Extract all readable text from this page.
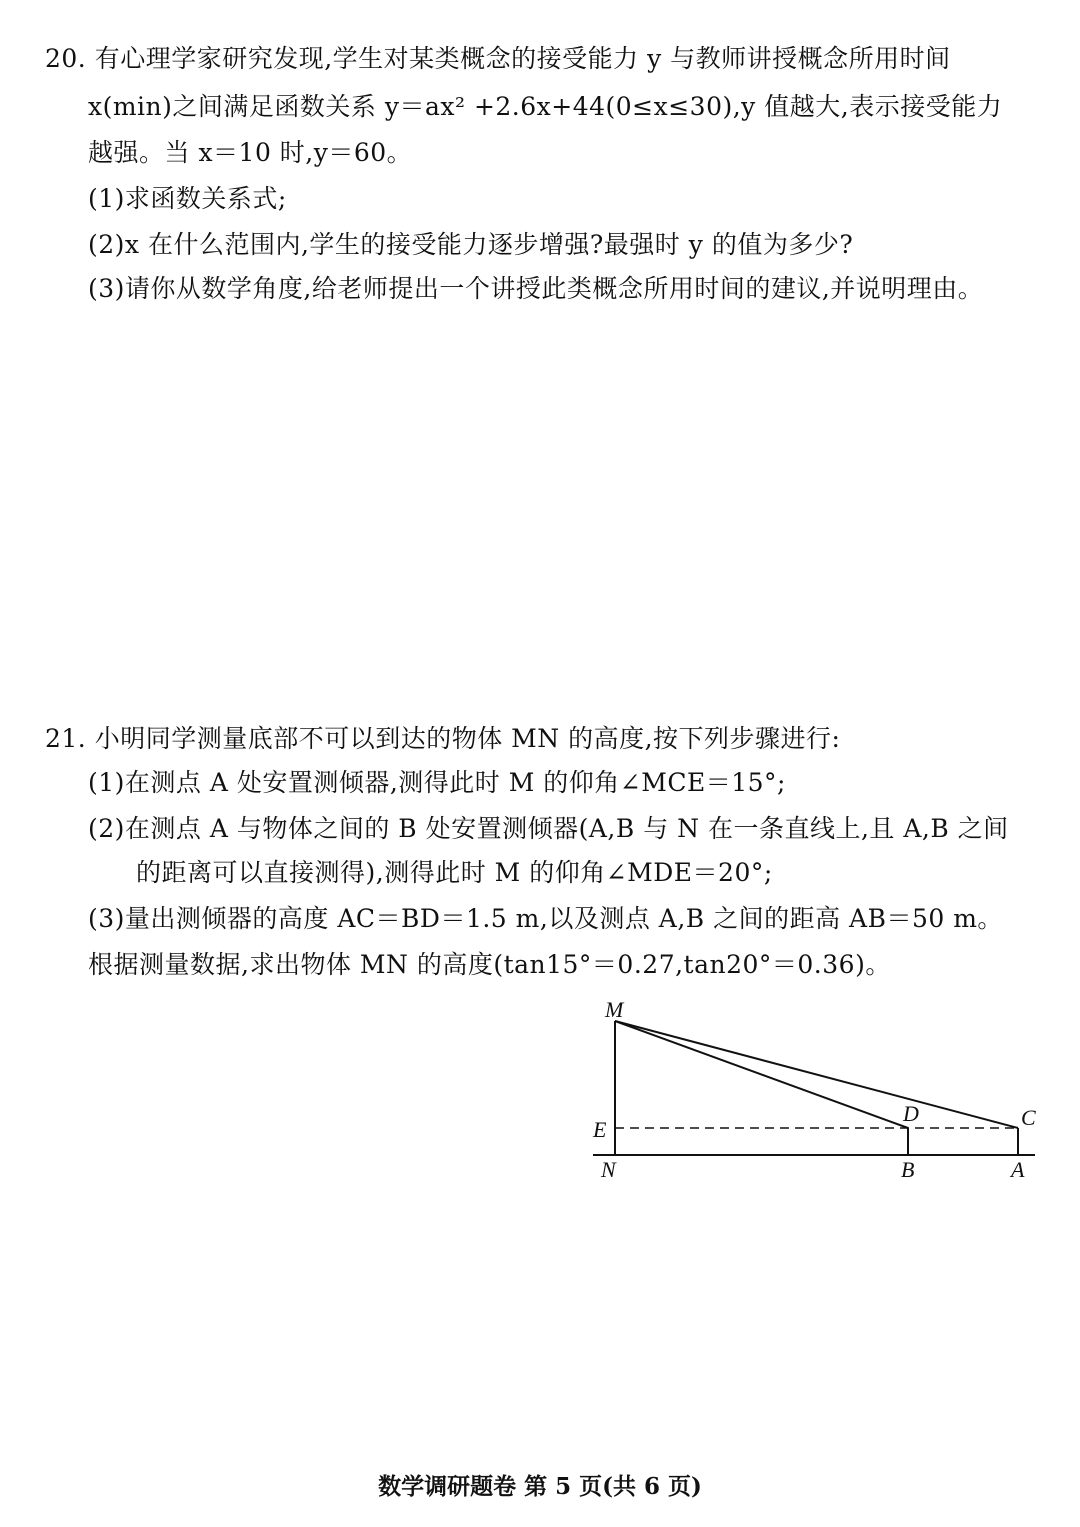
20. 有心理学家研究发现,学生对某类概念的接受能力 y 与教师讲授概念所用时间
x(min)之间满足函数关系 y＝ax² +2.6x+44(0≤x≤30),y 值越大,表示接受能力
越强。当 x＝10 时,y＝60。
(1)求函数关系式;
(2)x 在什么范围内,学生的接受能力逐步增强?最强时 y 的值为多少?
(3)请你从数学角度,给老师提出一个讲授此类概念所用时间的建议,并说明理由。
21. 小明同学测量底部不可以到达的物体 MN 的高度,按下列步骤进行:
(1)在测点 A 处安置测倾器,测得此时 M 的仰角∠MCE＝15°;
(2)在测点 A 与物体之间的 B 处安置测倾器(A,B 与 N 在一条直线上,且 A,B 之间
的距离可以直接测得),测得此时 M 的仰角∠MDE＝20°;
(3)量出测倾器的高度 AC＝BD＝1.5 m,以及测点 A,B 之间的距高 AB＝50 m。
根据测量数据,求出物体 MN 的高度(tan15°＝0.27,tan20°＝0.36)。
M
E
N
D
B
C
A
数学调研题卷 第 5 页(共 6 页)
